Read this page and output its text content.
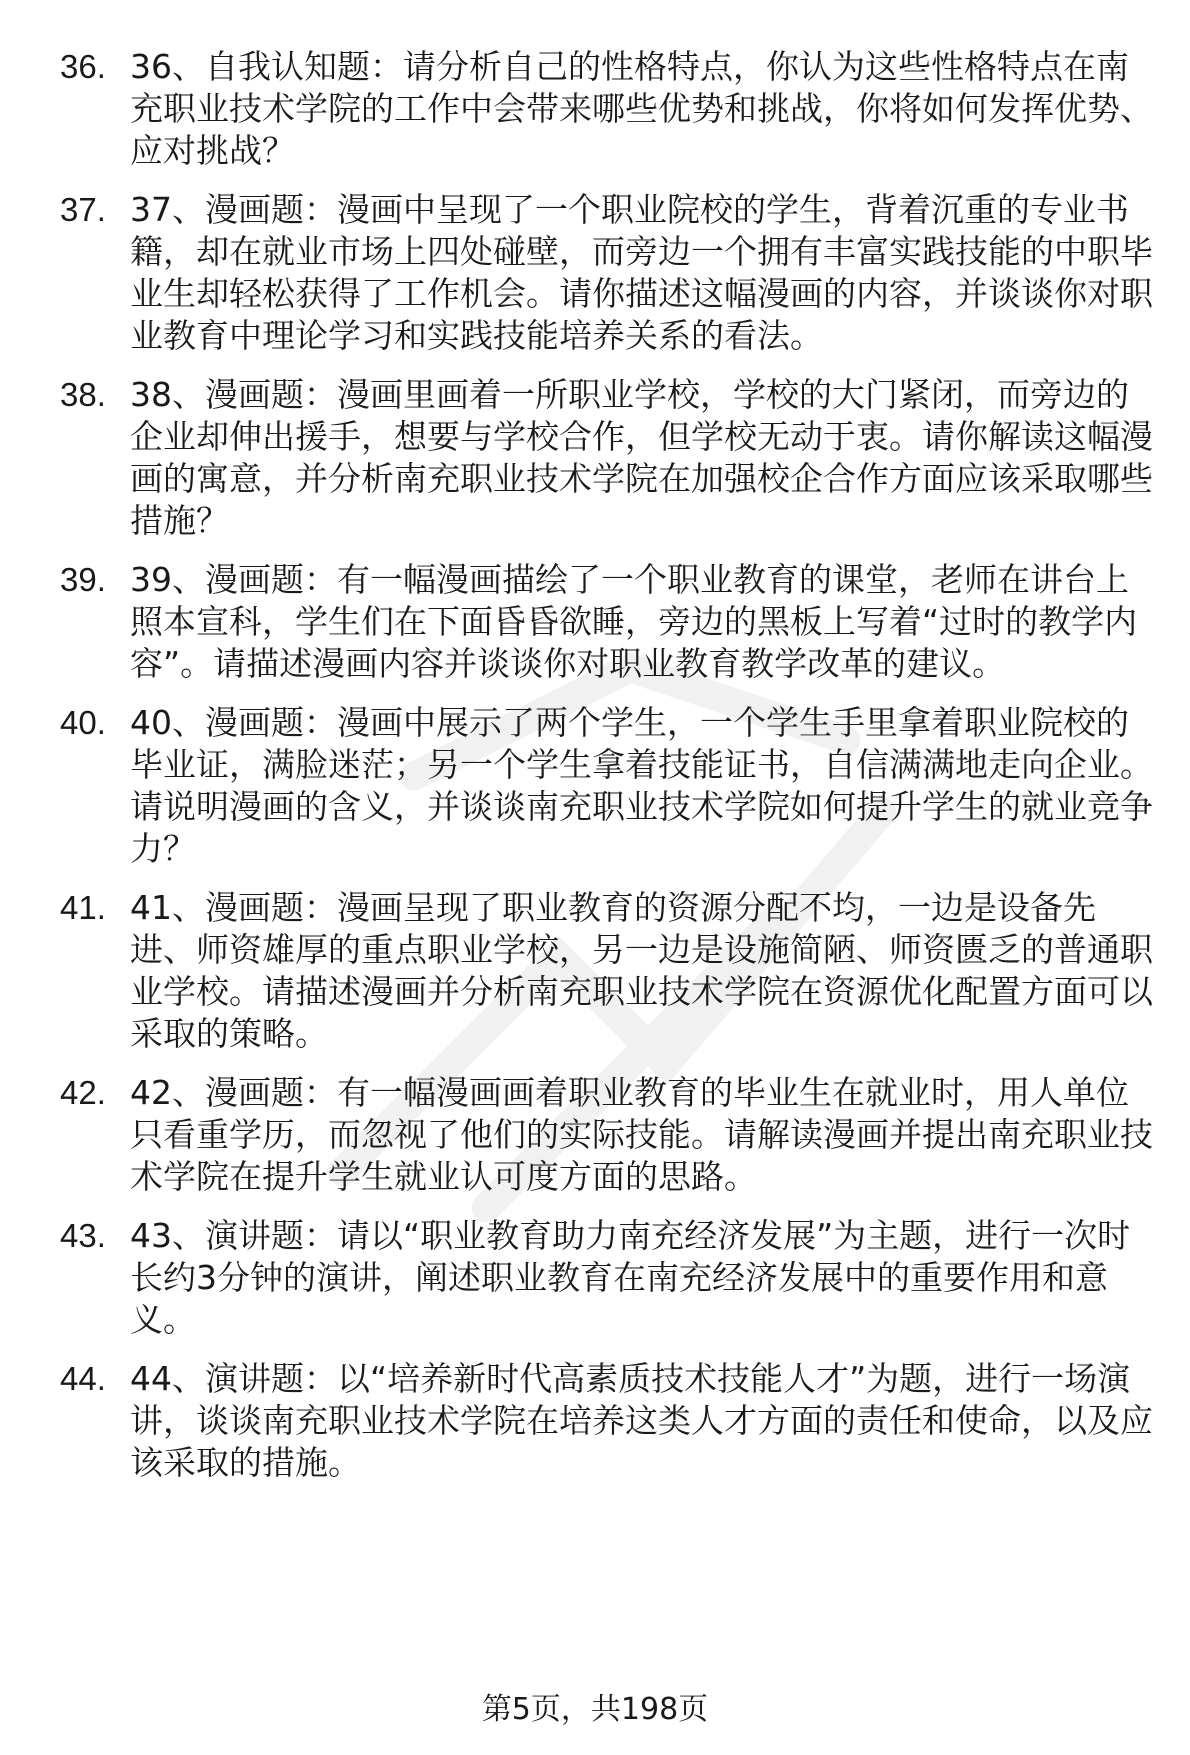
36. 36、自我认知题：请分析自己的性格特点，你认为这些性格特点在南充职业技术学院的工作中会带来哪些优势和挑战，你将如何发挥优势、应对挑战？
37. 37、漫画题：漫画中呈现了一个职业院校的学生，背着沉重的专业书籍，却在就业市场上四处碰壁，而旁边一个拥有丰富实践技能的中职毕业生却轻松获得了工作机会。请你描述这幅漫画的内容，并谈谈你对职业教育中理论学习和实践技能培养关系的看法。
38. 38、漫画题：漫画里画着一所职业学校，学校的大门紧闭，而旁边的企业却伸出援手，想要与学校合作，但学校无动于衷。请你解读这幅漫画的寓意，并分析南充职业技术学院在加强校企合作方面应该采取哪些措施？
39. 39、漫画题：有一幅漫画描绘了一个职业教育的课堂，老师在讲台上照本宣科，学生们在下面昏昏欲睡，旁边的黑板上写着“过时的教学内容”。请描述漫画内容并谈谈你对职业教育教学改革的建议。
40. 40、漫画题：漫画中展示了两个学生，一个学生手里拿着职业院校的毕业证，满脸迷茫；另一个学生拿着技能证书，自信满满地走向企业。请说明漫画的含义，并谈谈南充职业技术学院如何提升学生的就业竞争力？
41. 41、漫画题：漫画呈现了职业教育的资源分配不均，一边是设备先进、师资雄厚的重点职业学校，另一边是设施简陋、师资匮乏的普通职业学校。请描述漫画并分析南充职业技术学院在资源优化配置方面可以采取的策略。
42. 42、漫画题：有一幅漫画画着职业教育的毕业生在就业时，用人单位只看重学历，而忽视了他们的实际技能。请解读漫画并提出南充职业技术学院在提升学生就业认可度方面的思路。
43. 43、演讲题：请以“职业教育助力南充经济发展”为主题，进行一次时长约3分钟的演讲，阐述职业教育在南充经济发展中的重要作用和意义。
44. 44、演讲题：以“培养新时代高素质技术技能人才”为题，进行一场演讲，谈谈南充职业技术学院在培养这类人才方面的责任和使命，以及应该采取的措施。
第5页，共198页
